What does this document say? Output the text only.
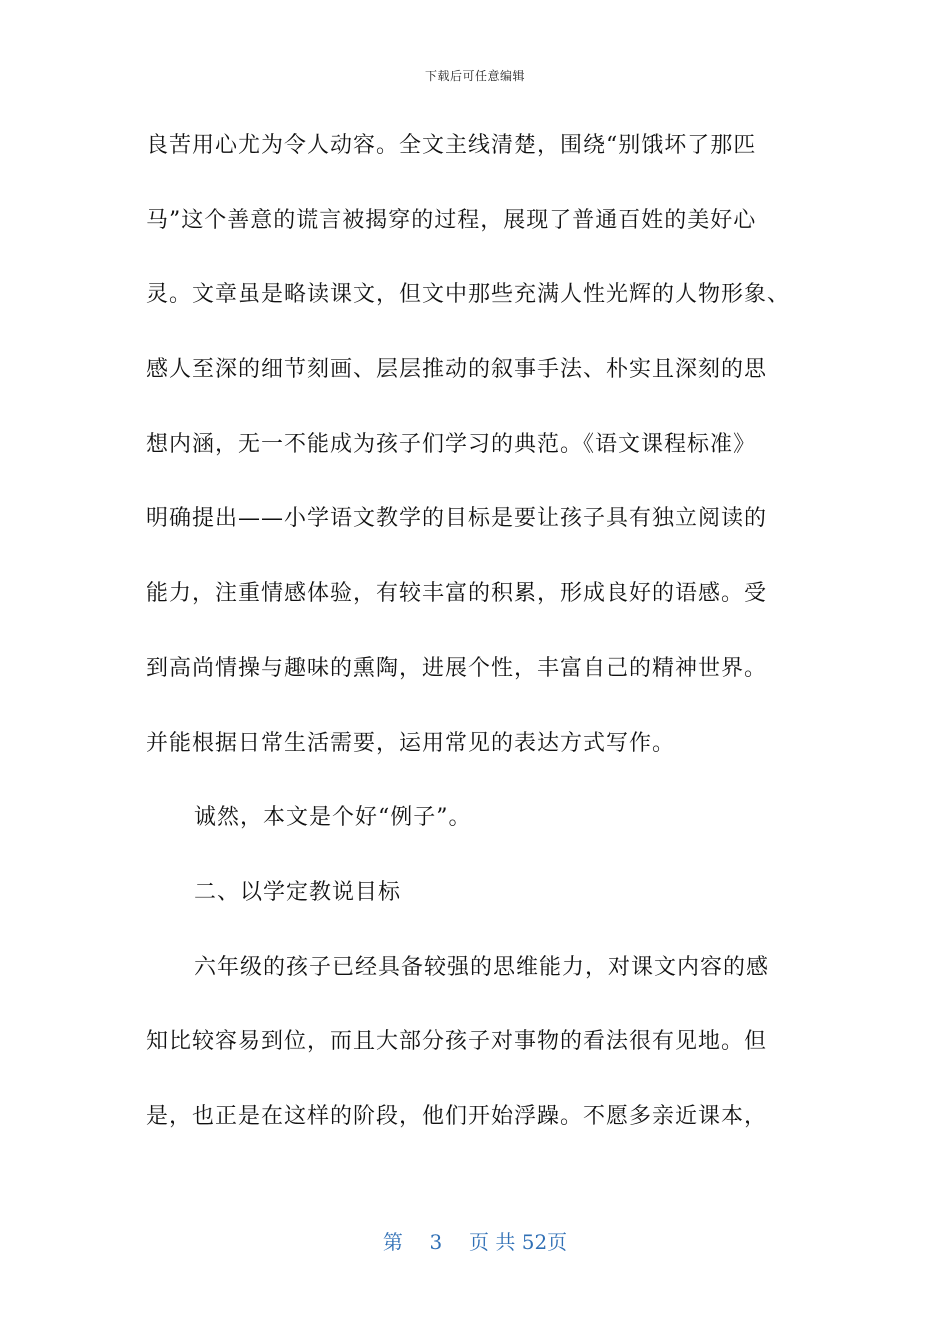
下载后可任意编辑
良苦用心尤为令人动容。全文主线清楚，围绕“别饿坏了那匹
马”这个善意的谎言被揭穿的过程，展现了普通百姓的美好心
灵。文章虽是略读课文，但文中那些充满人性光辉的人物形象、
感人至深的细节刻画、层层推动的叙事手法、朴实且深刻的思
想内涵，无一不能成为孩子们学习的典范。《语文课程标准》
明确提出——小学语文教学的目标是要让孩子具有独立阅读的
能力，注重情感体验，有较丰富的积累，形成良好的语感。受
到高尚情操与趣味的熏陶，进展个性，丰富自己的精神世界。
并能根据日常生活需要，运用常见的表达方式写作。
诚然，本文是个好“例子”。
二、以学定教说目标
六年级的孩子已经具备较强的思维能力，对课文内容的感
知比较容易到位，而且大部分孩子对事物的看法很有见地。但
是，也正是在这样的阶段，他们开始浮躁。不愿多亲近课本，
第 3 页 共 52页
